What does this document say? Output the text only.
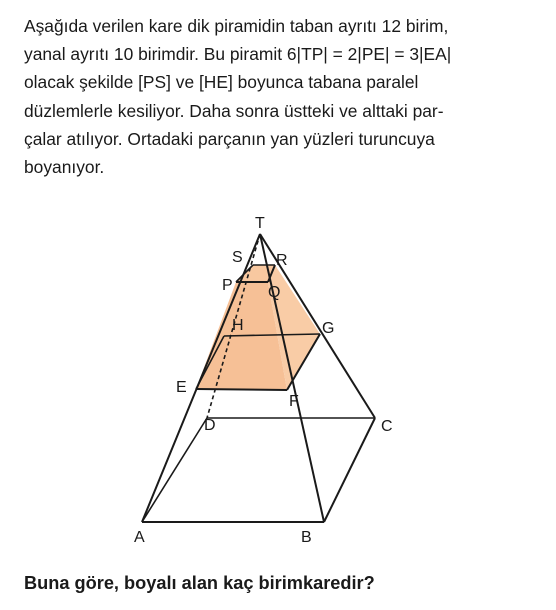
Aşağıda verilen kare dik piramidin taban ayrıtı 12 birim,
yanal ayrıtı 10 birimdir. Bu piramit 6|TP| = 2|PE| = 3|EA|
olacak şekilde [PS] ve [HE] boyunca tabana paralel
düzlemlerle kesiliyor. Daha sonra üstteki ve alttaki par-
çalar atılıyor. Ortadaki parçanın yan yüzleri turuncuya
boyanıyor.
T
S R
P Q
H	G
E
F
D	C
A	B

Buna göre, boyalı alan kaç birimkaredir?
